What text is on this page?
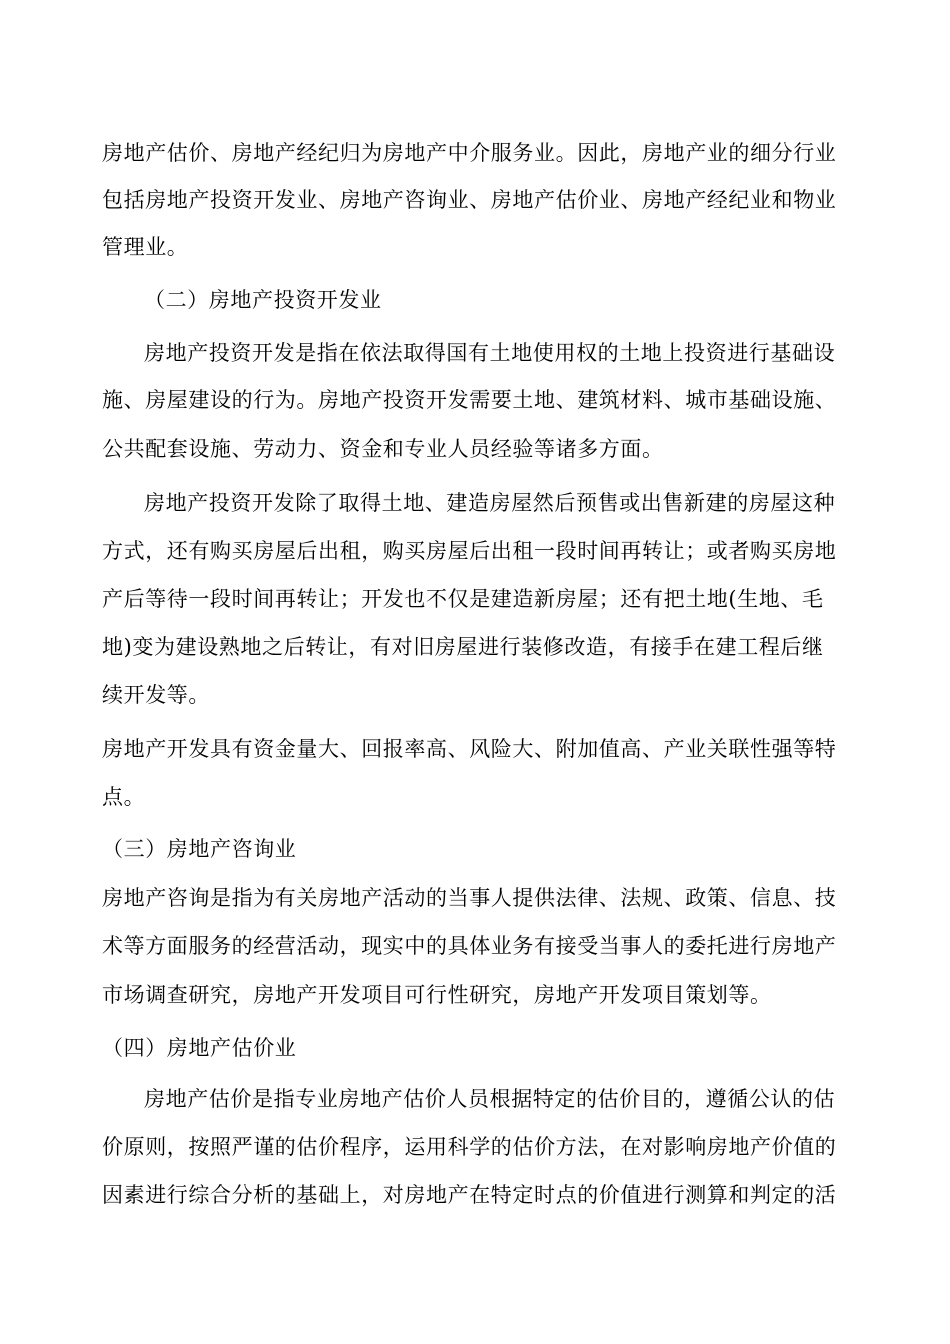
房地产估价、房地产经纪归为房地产中介服务业。因此，房地产业的细分行业
包括房地产投资开发业、房地产咨询业、房地产估价业、房地产经纪业和物业
管理业。
（二）房地产投资开发业
房地产投资开发是指在依法取得国有土地使用权的土地上投资进行基础设
施、房屋建设的行为。房地产投资开发需要土地、建筑材料、城市基础设施、
公共配套设施、劳动力、资金和专业人员经验等诸多方面。
房地产投资开发除了取得土地、建造房屋然后预售或出售新建的房屋这种
方式，还有购买房屋后出租，购买房屋后出租一段时间再转让；或者购买房地
产后等待一段时间再转让；开发也不仅是建造新房屋；还有把土地(生地、毛
地)变为建设熟地之后转让，有对旧房屋进行装修改造，有接手在建工程后继
续开发等。
房地产开发具有资金量大、回报率高、风险大、附加值高、产业关联性强等特
点。
（三）房地产咨询业
房地产咨询是指为有关房地产活动的当事人提供法律、法规、政策、信息、技
术等方面服务的经营活动，现实中的具体业务有接受当事人的委托进行房地产
市场调查研究，房地产开发项目可行性研究，房地产开发项目策划等。
（四）房地产估价业
房地产估价是指专业房地产估价人员根据特定的估价目的，遵循公认的估
价原则，按照严谨的估价程序，运用科学的估价方法，在对影响房地产价值的
因素进行综合分析的基础上，对房地产在特定时点的价值进行测算和判定的活
